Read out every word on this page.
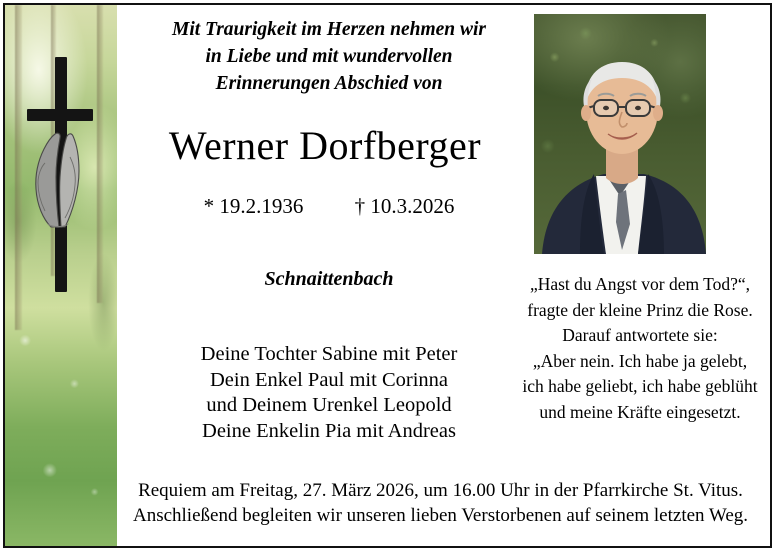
Mit Traurigkeit im Herzen nehmen wir
in Liebe und mit wundervollen
Erinnerungen Abschied von
Werner Dorfberger
* 19.2.1936 † 10.3.2026
Schnaittenbach
Deine Tochter Sabine mit Peter
Dein Enkel Paul mit Corinna
und Deinem Urenkel Leopold
Deine Enkelin Pia mit Andreas
„Hast du Angst vor dem Tod?“,
fragte der kleine Prinz die Rose.
Darauf antwortete sie:
„Aber nein. Ich habe ja gelebt,
ich habe geliebt, ich habe geblüht
und meine Kräfte eingesetzt.
Requiem am Freitag, 27. März 2026, um 16.00 Uhr in der Pfarrkirche St. Vitus.
Anschließend begleiten wir unseren lieben Verstorbenen auf seinem letzten Weg.
